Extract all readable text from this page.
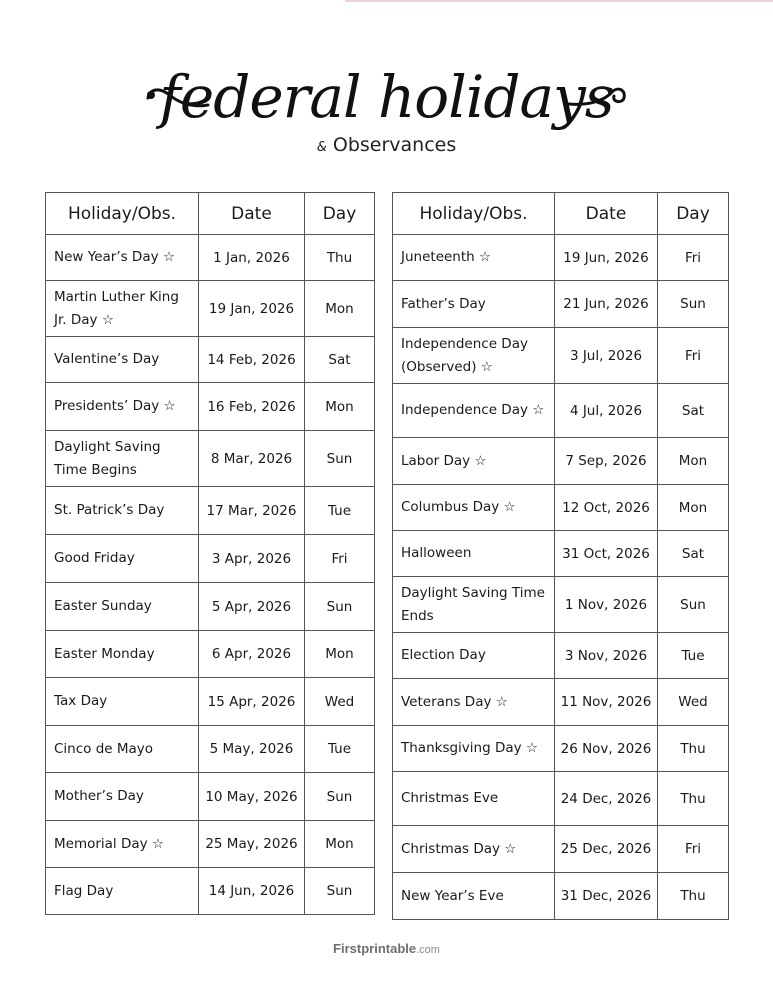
federal holidays
& Observances
Holiday/Obs.	Date	Day
New Year’s Day ☆	1 Jan, 2026	Thu
Martin Luther King Jr. Day ☆	19 Jan, 2026	Mon
Valentine’s Day	14 Feb, 2026	Sat
Presidents’ Day ☆	16 Feb, 2026	Mon
Daylight Saving Time Begins	8 Mar, 2026	Sun
St. Patrick’s Day	17 Mar, 2026	Tue
Good Friday	3 Apr, 2026	Fri
Easter Sunday	5 Apr, 2026	Sun
Easter Monday	6 Apr, 2026	Mon
Tax Day	15 Apr, 2026	Wed
Cinco de Mayo	5 May, 2026	Tue
Mother’s Day	10 May, 2026	Sun
Memorial Day ☆	25 May, 2026	Mon
Flag Day	14 Jun, 2026	Sun
Holiday/Obs.	Date	Day
Juneteenth ☆	19 Jun, 2026	Fri
Father’s Day	21 Jun, 2026	Sun
Independence Day (Observed) ☆	3 Jul, 2026	Fri
Independence Day ☆	4 Jul, 2026	Sat
Labor Day ☆	7 Sep, 2026	Mon
Columbus Day ☆	12 Oct, 2026	Mon
Halloween	31 Oct, 2026	Sat
Daylight Saving Time Ends	1 Nov, 2026	Sun
Election Day	3 Nov, 2026	Tue
Veterans Day ☆	11 Nov, 2026	Wed
Thanksgiving Day ☆	26 Nov, 2026	Thu
Christmas Eve	24 Dec, 2026	Thu
Christmas Day ☆	25 Dec, 2026	Fri
New Year’s Eve	31 Dec, 2026	Thu
Firstprintable.com
